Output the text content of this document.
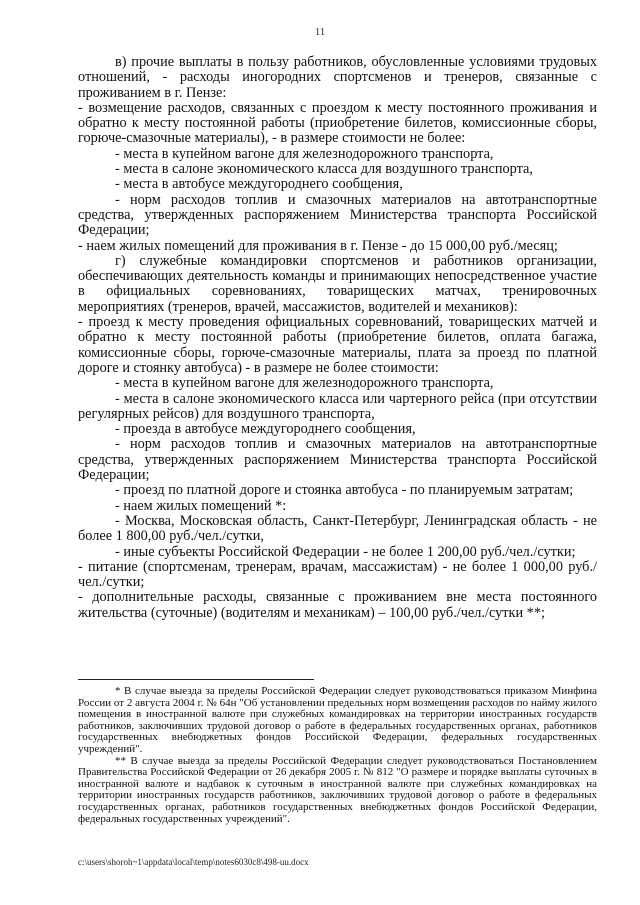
11

в) прочие выплаты в пользу работников, обусловленные условиями трудовых отношений, - расходы иногородних спортсменов и тренеров, связанные с проживанием в г. Пензе:

- возмещение расходов, связанных с проездом к месту постоянного проживания и обратно к месту постоянной работы (приобретение билетов, комиссионные сборы, горюче-смазочные материалы), - в размере стоимости не более:

- места в купейном вагоне для железнодорожного транспорта,

- места в салоне экономического класса для воздушного транспорта,

- места в автобусе междугороднего сообщения,

- норм расходов топлив и смазочных материалов на автотранспортные средства, утвержденных распоряжением Министерства транспорта Российской Федерации;

- наем жилых помещений для проживания в г. Пензе - до 15 000,00 руб./месяц;

г) служебные командировки спортсменов и работников организации, обеспечивающих деятельность команды и принимающих непосредственное участие в официальных соревнованиях, товарищеских матчах, тренировочных мероприятиях (тренеров, врачей, массажистов, водителей и механиков):

- проезд к месту проведения официальных соревнований, товарищеских матчей и обратно к месту постоянной работы (приобретение билетов, оплата багажа, комиссионные сборы, горюче-смазочные материалы, плата за проезд по платной дороге и стоянку автобуса) - в размере не более стоимости:

- места в купейном вагоне для железнодорожного транспорта,

- места в салоне экономического класса или чартерного рейса (при отсутствии регулярных рейсов) для воздушного транспорта,

- проезда в автобусе междугороднего сообщения,

- норм расходов топлив и смазочных материалов на автотранспортные средства, утвержденных распоряжением Министерства транспорта Российской Федерации;

- проезд по платной дороге и стоянка автобуса - по планируемым затратам;

- наем жилых помещений *:

- Москва, Московская область, Санкт-Петербург, Ленинградская область - не более 1 800,00 руб./чел./сутки,

- иные субъекты Российской Федерации - не более 1 200,00 руб./чел./сутки;

- питание (спортсменам, тренерам, врачам, массажистам) - не более 1 000,00 руб./чел./сутки;

- дополнительные расходы, связанные с проживанием вне места постоянного жительства (суточные) (водителям и механикам) – 100,00 руб./чел./сутки **;

* В случае выезда за пределы Российской Федерации следует руководствоваться приказом Минфина России от 2 августа 2004 г. № 64н "Об установлении предельных норм возмещения расходов по найму жилого помещения в иностранной валюте при служебных командировках на территории иностранных государств работников, заключивших трудовой договор о работе в федеральных государственных органах, работников государственных внебюджетных фондов Российской Федерации, федеральных государственных учреждений".

** В случае выезда за пределы Российской Федерации следует руководствоваться Постановлением Правительства Российской Федерации от 26 декабря 2005 г. № 812 "О размере и порядке выплаты суточных в иностранной валюте и надбавок к суточным в иностранной валюте при служебных командировках на территории иностранных государств работников, заключивших трудовой договор о работе в федеральных государственных органах, работников государственных внебюджетных фондов Российской Федерации, федеральных государственных учреждений".

c:\users\shoroh~1\appdata\local\temp\notes6030c8\498-uu.docx
